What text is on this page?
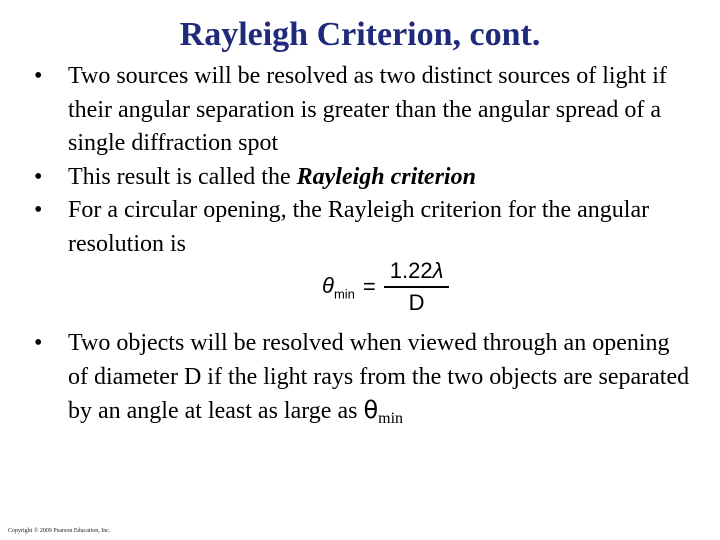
Rayleigh Criterion, cont.
•	Two sources will be resolved as two distinct sources of light if their angular separation is greater than the angular spread of a single diffraction spot
•	This result is called the Rayleigh criterion
•	For a circular opening, the Rayleigh criterion for the angular resolution is
$\theta_{min} = \frac{1.22\lambda}{D}$
•	Two objects will be resolved when viewed through an opening of diameter D if the light rays from the two objects are separated by an angle at least as large as $\theta_{min}$
Copyright © 2009 Pearson Education, Inc.
